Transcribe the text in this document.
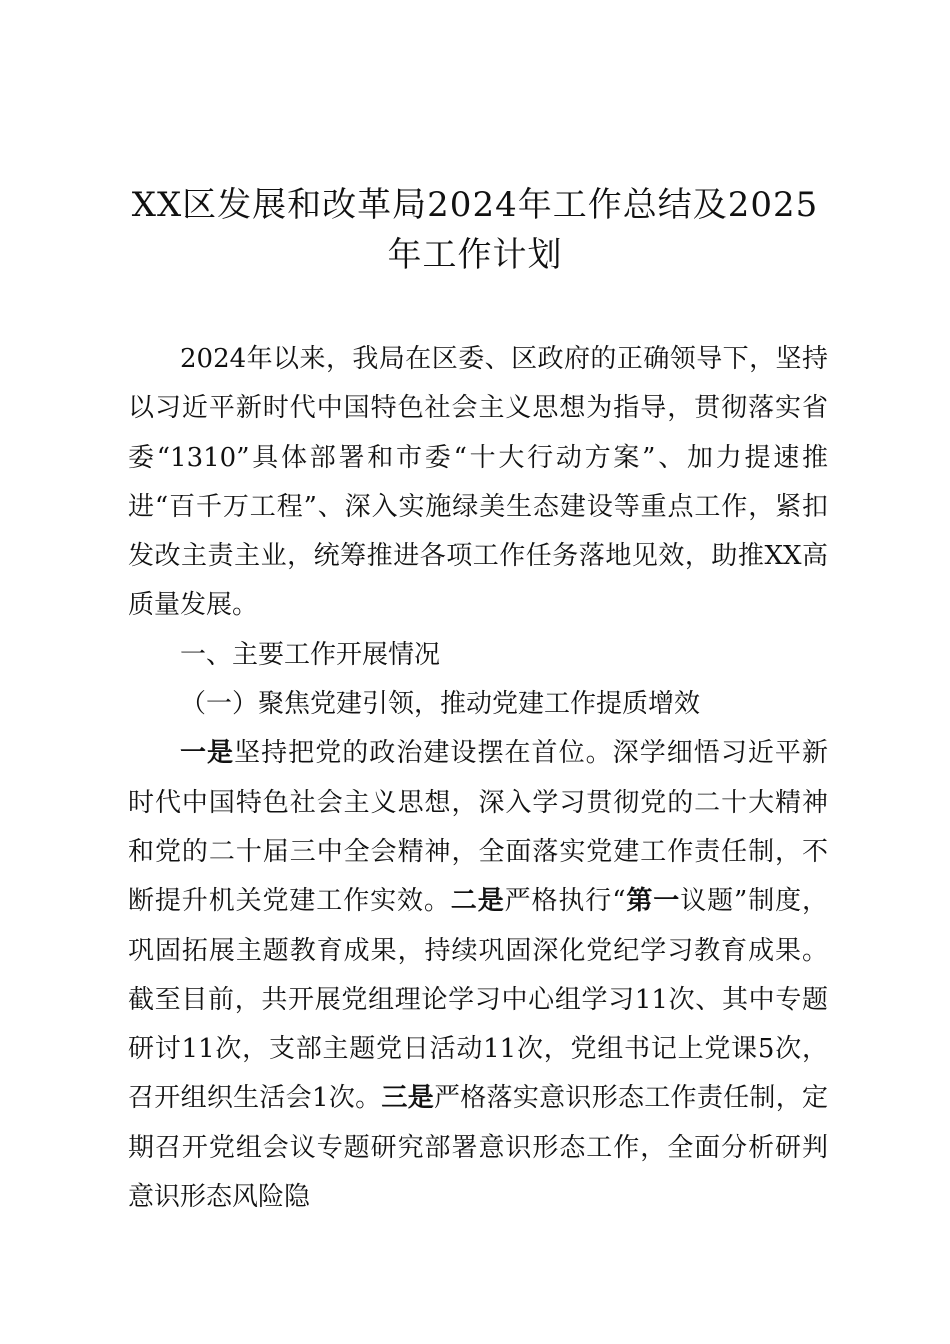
XX区发展和改革局2024年工作总结及2025年工作计划

2024年以来，我局在区委、区政府的正确领导下，坚持以习近平新时代中国特色社会主义思想为指导，贯彻落实省委“1310”具体部署和市委“十大行动方案”、加力提速推进“百千万工程”、深入实施绿美生态建设等重点工作，紧扣发改主责主业，统筹推进各项工作任务落地见效，助推XX高质量发展。

一、主要工作开展情况

（一）聚焦党建引领，推动党建工作提质增效

一是坚持把党的政治建设摆在首位。深学细悟习近平新时代中国特色社会主义思想，深入学习贯彻党的二十大精神和党的二十届三中全会精神，全面落实党建工作责任制，不断提升机关党建工作实效。二是严格执行“第一议题”制度，巩固拓展主题教育成果，持续巩固深化党纪学习教育成果。截至目前，共开展党组理论学习中心组学习11次、其中专题研讨11次，支部主题党日活动11次，党组书记上党课5次，召开组织生活会1次。三是严格落实意识形态工作责任制，定期召开党组会议专题研究部署意识形态工作，全面分析研判意识形态风险隐
